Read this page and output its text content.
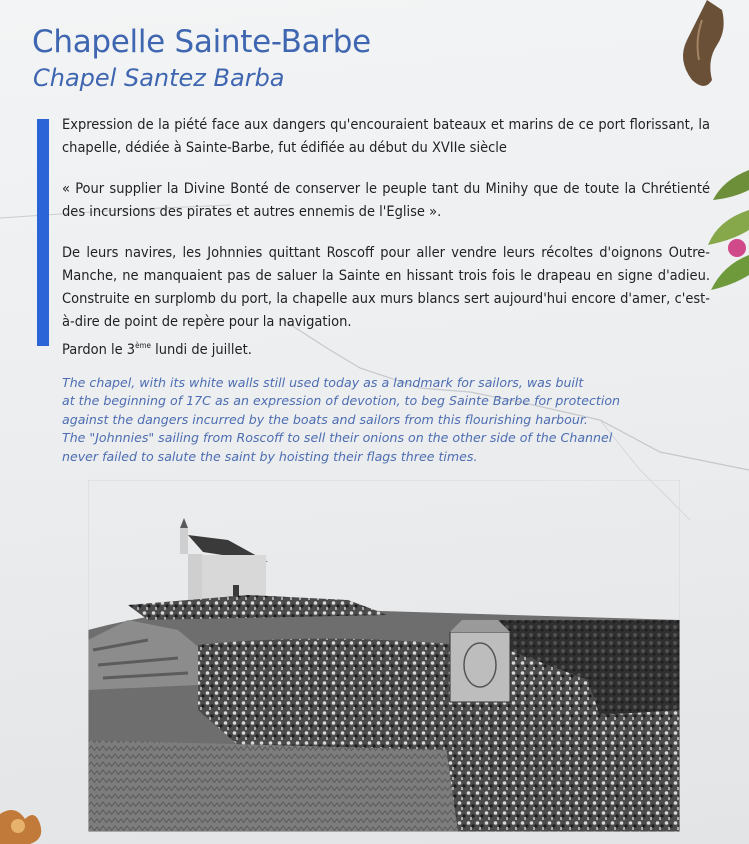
Chapelle Sainte-Barbe
Chapel Santez Barba

Expression de la piété face aux dangers qu'encouraient bateaux et marins de ce port florissant, la chapelle, dédiée à Sainte-Barbe, fut édifiée au début du XVIIe siècle

« Pour supplier la Divine Bonté de conserver le peuple tant du Minihy que de toute la Chrétienté des incursions des pirates et autres ennemis de l'Eglise ».

De leurs navires, les Johnnies quittant Roscoff pour aller vendre leurs récoltes d'oignons Outre-Manche, ne manquaient pas de saluer la Sainte en hissant trois fois le drapeau en signe d'adieu. Construite en surplomb du port, la chapelle aux murs blancs sert aujourd'hui encore d'amer, c'est-à-dire de point de repère pour la navigation.

Pardon le 3ème lundi de juillet.

The chapel, with its white walls still used today as a landmark for sailors, was built
at the beginning of 17C as an expression of devotion, to beg Sainte Barbe for protection
against the dangers incurred by the boats and sailors from this flourishing harbour.
The "Johnnies" sailing from Roscoff to sell their onions on the other side of the Channel
never failed to salute the saint by hoisting their flags three times.
